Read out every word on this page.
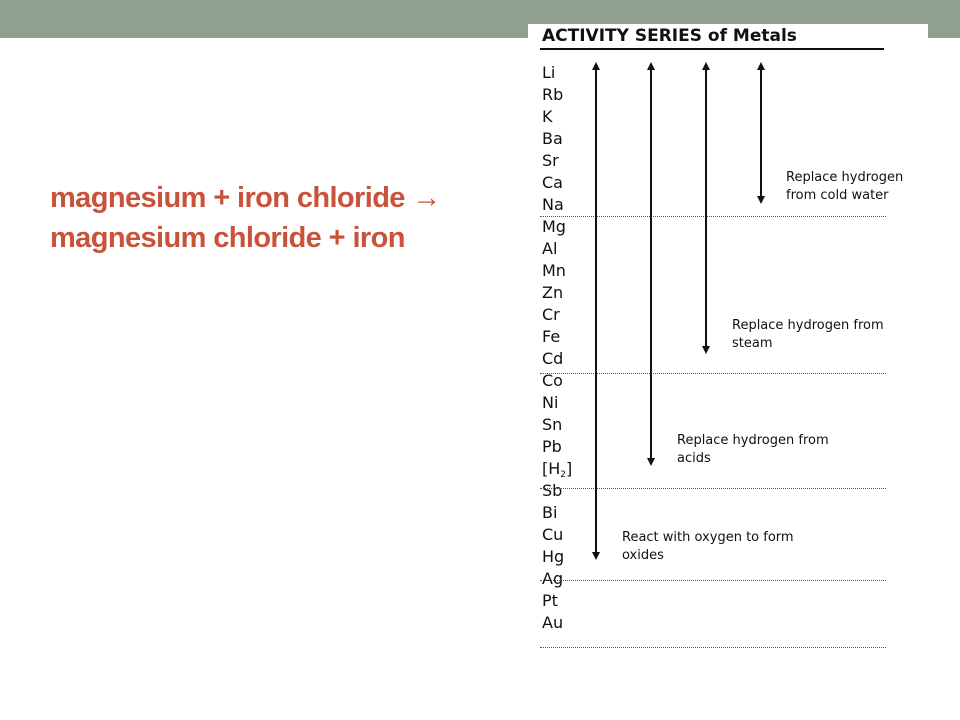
magnesium + iron chloride →
magnesium chloride + iron
ACTIVITY SERIES of Metals
Li
Rb
K
Ba
Sr
Ca
Na
Mg
Al
Mn
Zn
Cr
Fe
Cd
Co
Ni
Sn
Pb
$[H_2]$
Sb
Bi
Cu
Hg
Ag
Pt
Au
Replace hydrogen
from cold water
Replace hydrogen from
steam
Replace hydrogen from
acids
React with oxygen to form
oxides
